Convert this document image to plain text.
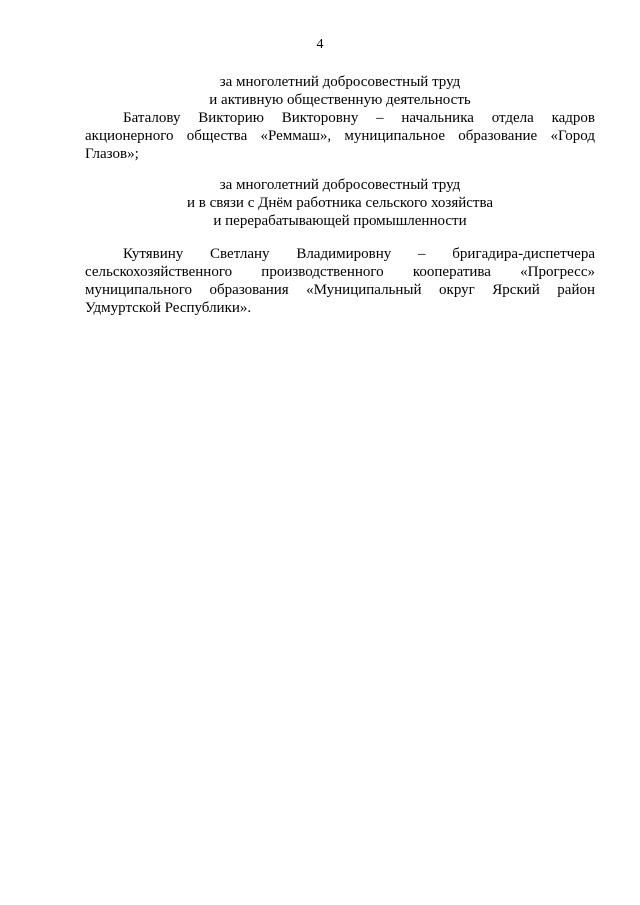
4
за многолетний добросовестный труд
и активную общественную деятельность

Баталову Викторию Викторовну – начальника отдела кадров акционерного общества «Реммаш», муниципальное образование «Город Глазов»;

за многолетний добросовестный труд
и в связи с Днём работника сельского хозяйства
и перерабатывающей промышленности

Кутявину Светлану Владимировну – бригадира-диспетчера сельскохозяйственного производственного кооператива «Прогресс» муниципального образования «Муниципальный округ Ярский район Удмуртской Республики».
